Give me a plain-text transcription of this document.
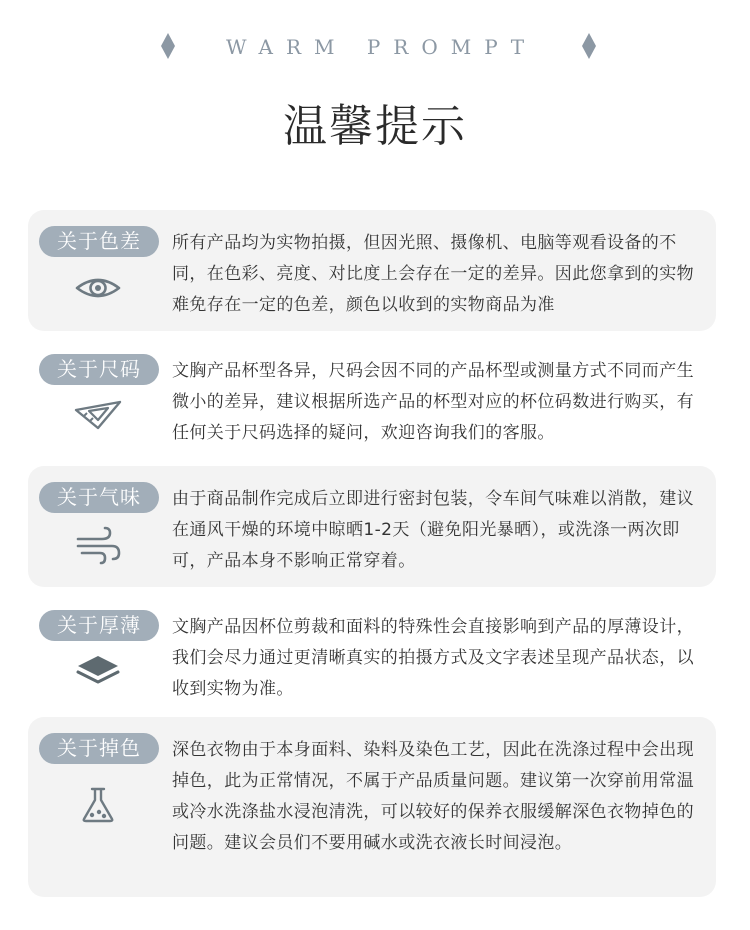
WARM PROMPT
温馨提示
关于色差	所有产品均为实物拍摄，但因光照、摄像机、电脑等观看设备的不同，在色彩、亮度、对比度上会存在一定的差异。因此您拿到的实物难免存在一定的色差，颜色以收到的实物商品为准
关于尺码	文胸产品杯型各异，尺码会因不同的产品杯型或测量方式不同而产生微小的差异，建议根据所选产品的杯型对应的杯位码数进行购买，有任何关于尺码选择的疑问，欢迎咨询我们的客服。
关于气味	由于商品制作完成后立即进行密封包装，令车间气味难以消散，建议在通风干燥的环境中晾晒1-2天（避免阳光暴晒），或洗涤一两次即可，产品本身不影响正常穿着。
关于厚薄	文胸产品因杯位剪裁和面料的特殊性会直接影响到产品的厚薄设计，我们会尽力通过更清晰真实的拍摄方式及文字表述呈现产品状态，以收到实物为准。
关于掉色	深色衣物由于本身面料、染料及染色工艺，因此在洗涤过程中会出现掉色，此为正常情况，不属于产品质量问题。建议第一次穿前用常温或冷水洗涤盐水浸泡清洗，可以较好的保养衣服缓解深色衣物掉色的问题。建议会员们不要用碱水或洗衣液长时间浸泡。
